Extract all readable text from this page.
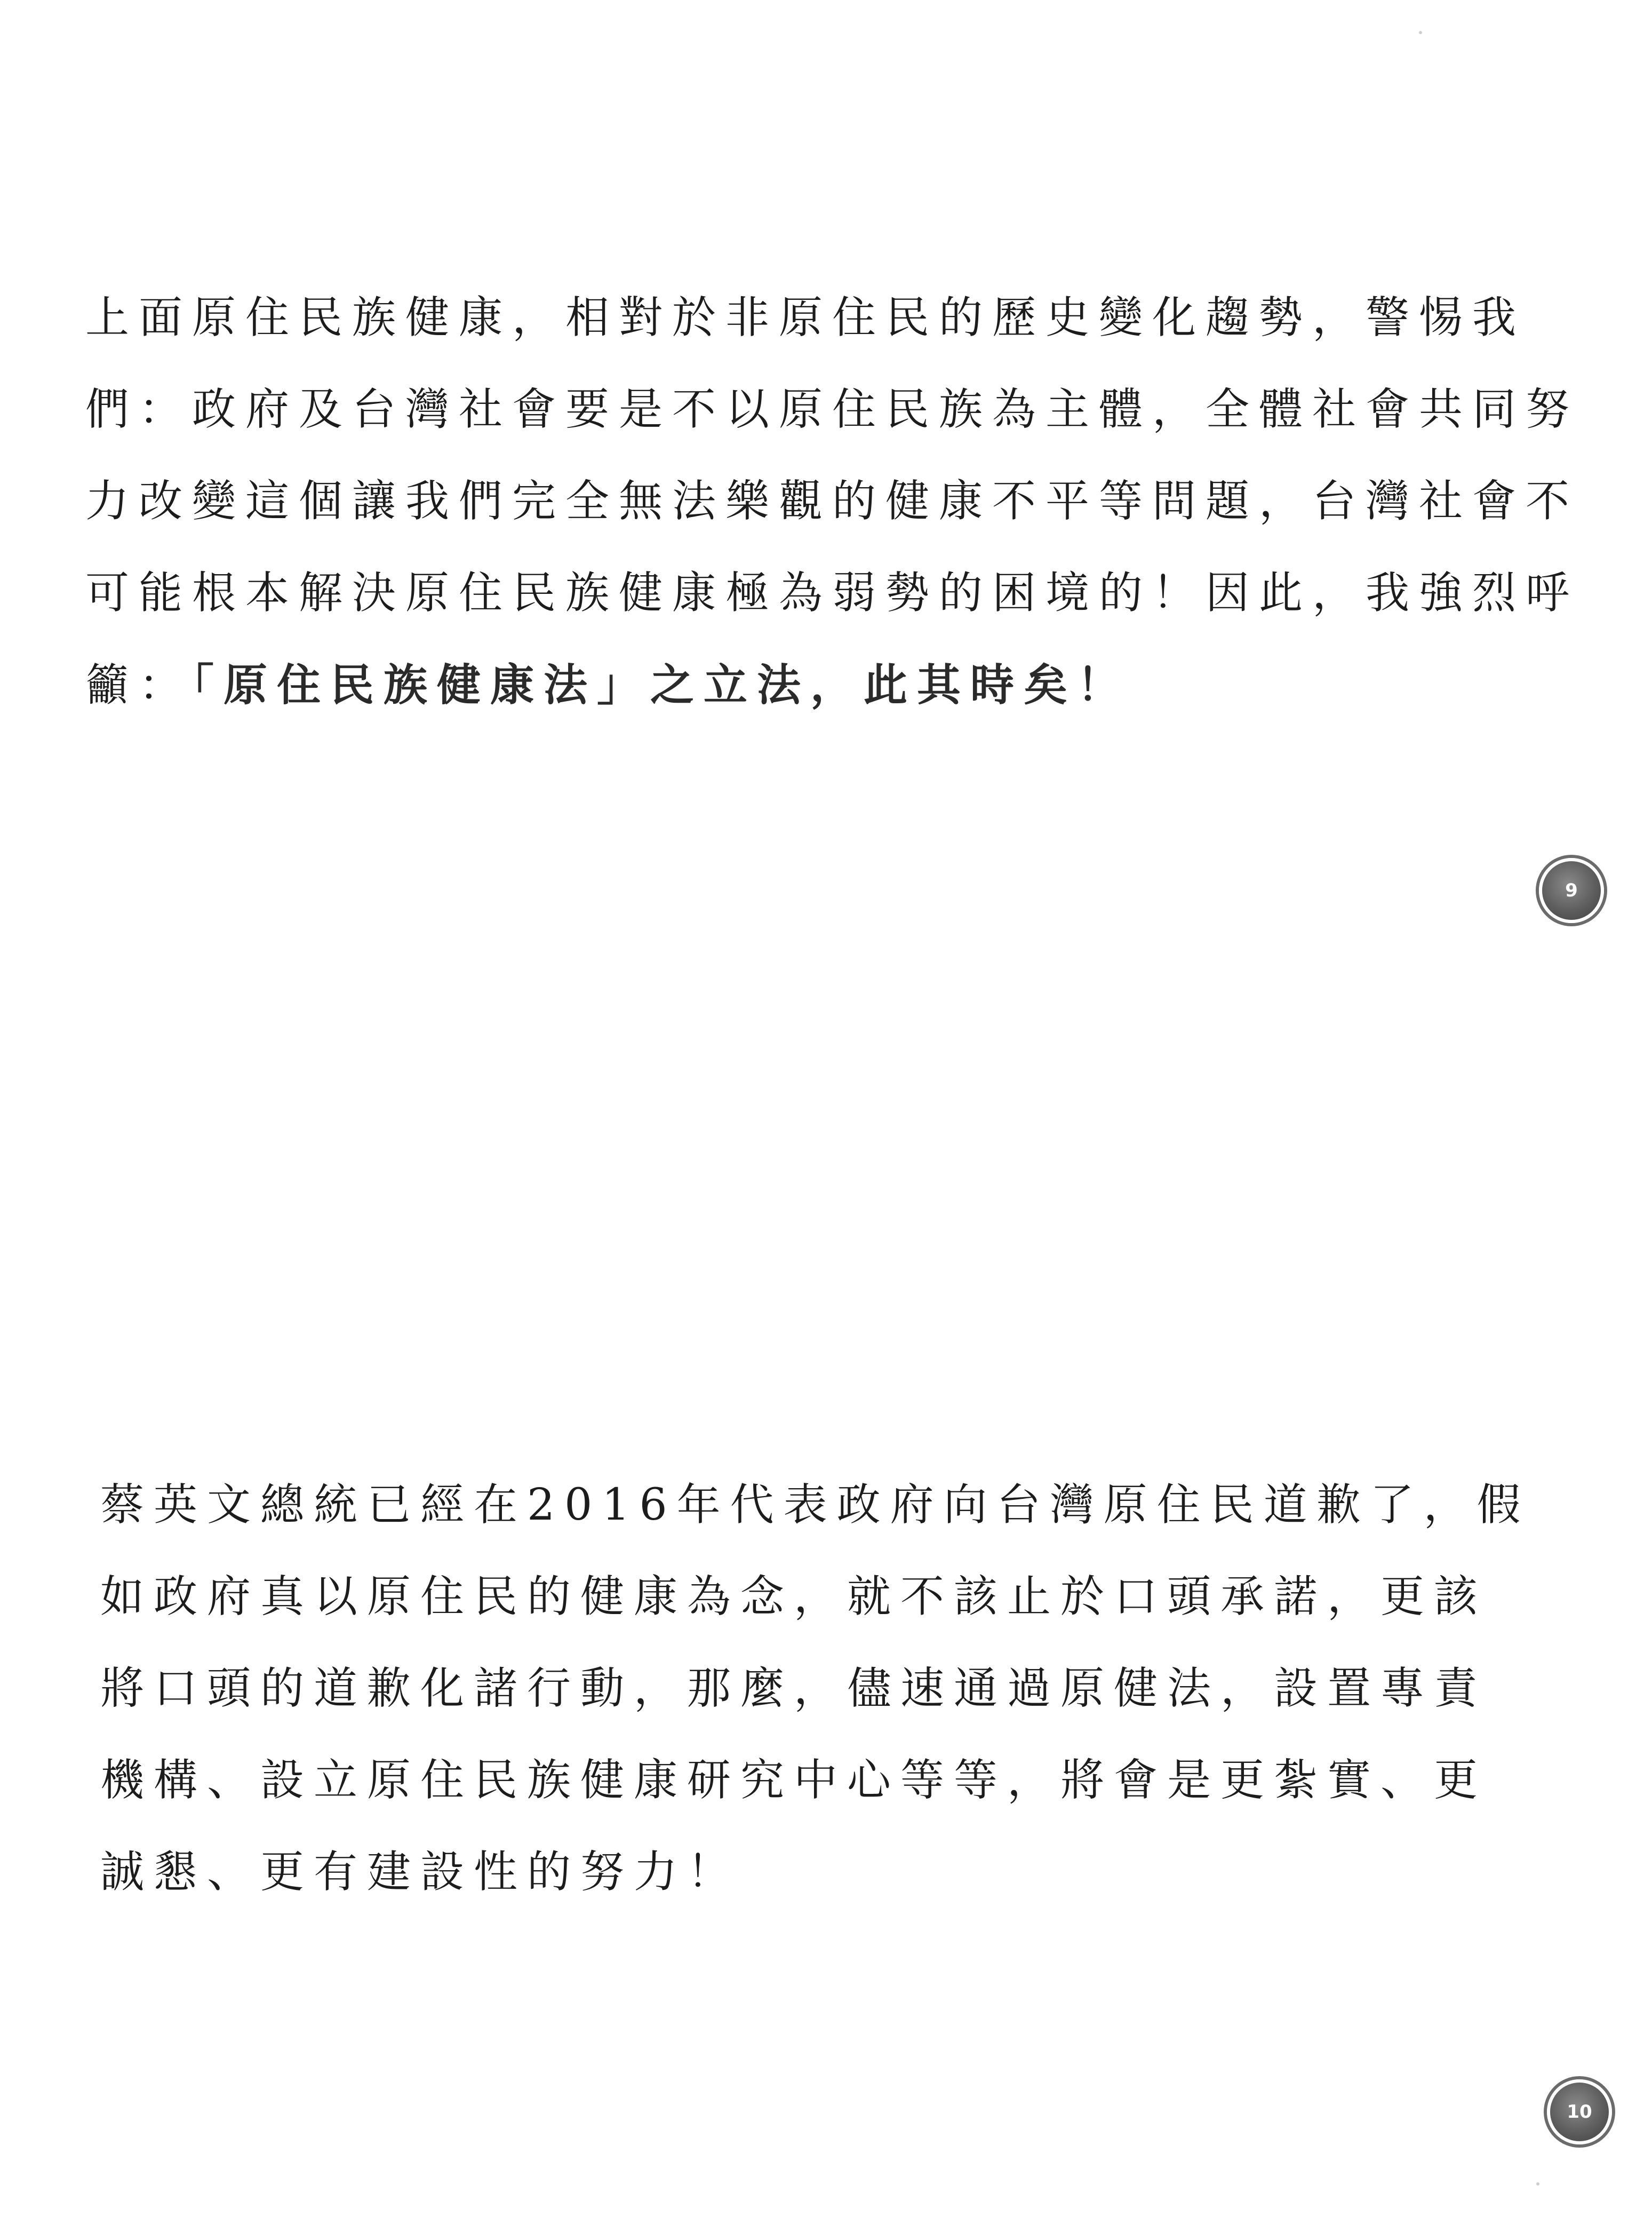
上面原住民族健康，相對於非原住民的歷史變化趨勢，警惕我
們：政府及台灣社會要是不以原住民族為主體，全體社會共同努
力改變這個讓我們完全無法樂觀的健康不平等問題，台灣社會不
可能根本解決原住民族健康極為弱勢的困境的！因此，我強烈呼
籲：「原住民族健康法」之立法，此其時矣！

9

蔡英文總統已經在2016年代表政府向台灣原住民道歉了，假
如政府真以原住民的健康為念，就不該止於口頭承諾，更該
將口頭的道歉化諸行動，那麼，儘速通過原健法，設置專責
機構、設立原住民族健康研究中心等等，將會是更紮實、更
誠懇、更有建設性的努力！

10
